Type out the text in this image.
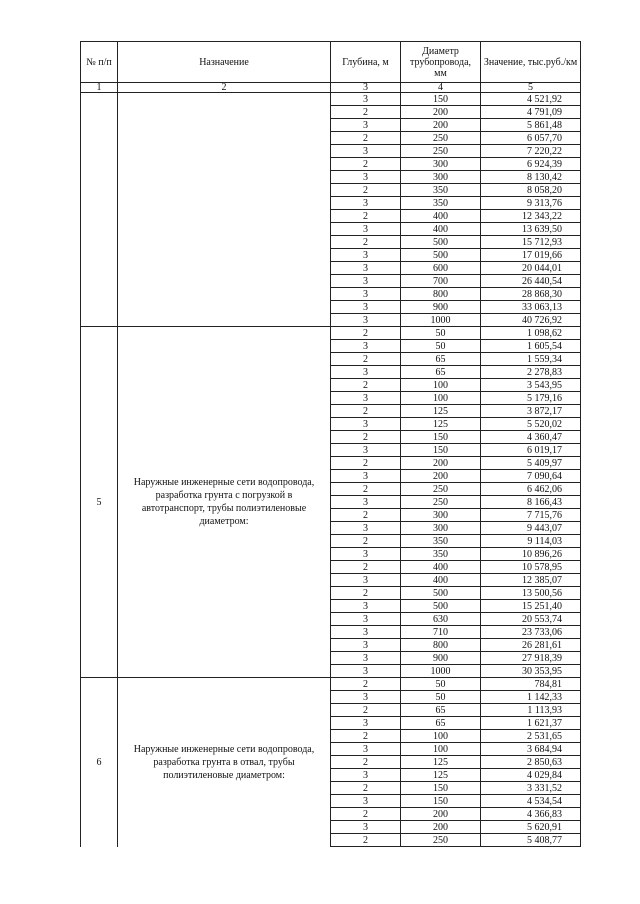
№ п/п	Назначение	Глубина, м	Диаметр трубопровода, мм	Значение, тыс.руб./км
1	2	3	4	5
		3	150	4 521,92
		2	200	4 791,09
		3	200	5 861,48
		2	250	6 057,70
		3	250	7 220,22
		2	300	6 924,39
		3	300	8 130,42
		2	350	8 058,20
		3	350	9 313,76
		2	400	12 343,22
		3	400	13 639,50
		2	500	15 712,93
		3	500	17 019,66
		3	600	20 044,01
		3	700	26 440,54
		3	800	28 868,30
		3	900	33 063,13
		3	1000	40 726,92
5	Наружные инженерные сети водопровода, разработка грунта с погрузкой в автотранспорт, трубы полиэтиленовые диаметром:	2	50	1 098,62
		3	50	1 605,54
		2	65	1 559,34
		3	65	2 278,83
		2	100	3 543,95
		3	100	5 179,16
		2	125	3 872,17
		3	125	5 520,02
		2	150	4 360,47
		3	150	6 019,17
		2	200	5 409,97
		3	200	7 090,64
		2	250	6 462,06
		3	250	8 166,43
		2	300	7 715,76
		3	300	9 443,07
		2	350	9 114,03
		3	350	10 896,26
		2	400	10 578,95
		3	400	12 385,07
		2	500	13 500,56
		3	500	15 251,40
		3	630	20 553,74
		3	710	23 733,06
		3	800	26 281,61
		3	900	27 918,39
		3	1000	30 353,95
6	Наружные инженерные сети водопровода, разработка грунта в отвал, трубы полиэтиленовые диаметром:	2	50	784,81
		3	50	1 142,33
		2	65	1 113,93
		3	65	1 621,37
		2	100	2 531,65
		3	100	3 684,94
		2	125	2 850,63
		3	125	4 029,84
		2	150	3 331,52
		3	150	4 534,54
		2	200	4 366,83
		3	200	5 620,91
		2	250	5 408,77
